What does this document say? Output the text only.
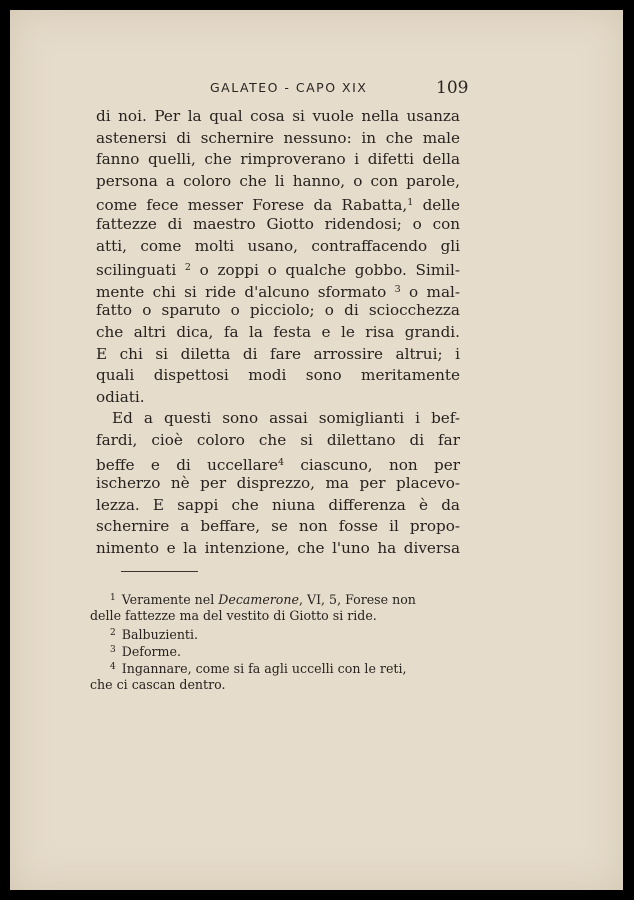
GALATEO - CAPO XIX	109
di noi. Per la qual cosa si vuole nella usanza
astenersi di schernire nessuno: in che male
fanno quelli, che rimproverano i difetti della
persona a coloro che li hanno, o con parole,
come fece messer Forese da Rabatta,$^1$ delle
fattezze di maestro Giotto ridendosi; o con
atti, come molti usano, contraffacendo gli
scilinguati $^2$ o zoppi o qualche gobbo. Simil-
mente chi si ride d'alcuno sformato $^3$ o mal-
fatto o sparuto o picciolo; o di sciocchezza
che altri dica, fa la festa e le risa grandi.
E chi si diletta di fare arrossire altrui; i
quali dispettosi modi sono meritamente
odiati.
Ed a questi sono assai somiglianti i bef-
fardi, cioè coloro che si dilettano di far
beffe e di uccellare$^4$ ciascuno, non per
ischerzo nè per disprezzo, ma per placevo-
lezza. E sappi che niuna differenza è da
schernire a beffare, se non fosse il propo-
nimento e la intenzione, che l'uno ha diversa
$^1$ Veramente nel Decamerone, VI, 5, Forese non
delle fattezze ma del vestito di Giotto si ride.
$^2$ Balbuzienti.
$^3$ Deforme.
$^4$ Ingannare, come si fa agli uccelli con le reti,
che ci cascan dentro.
